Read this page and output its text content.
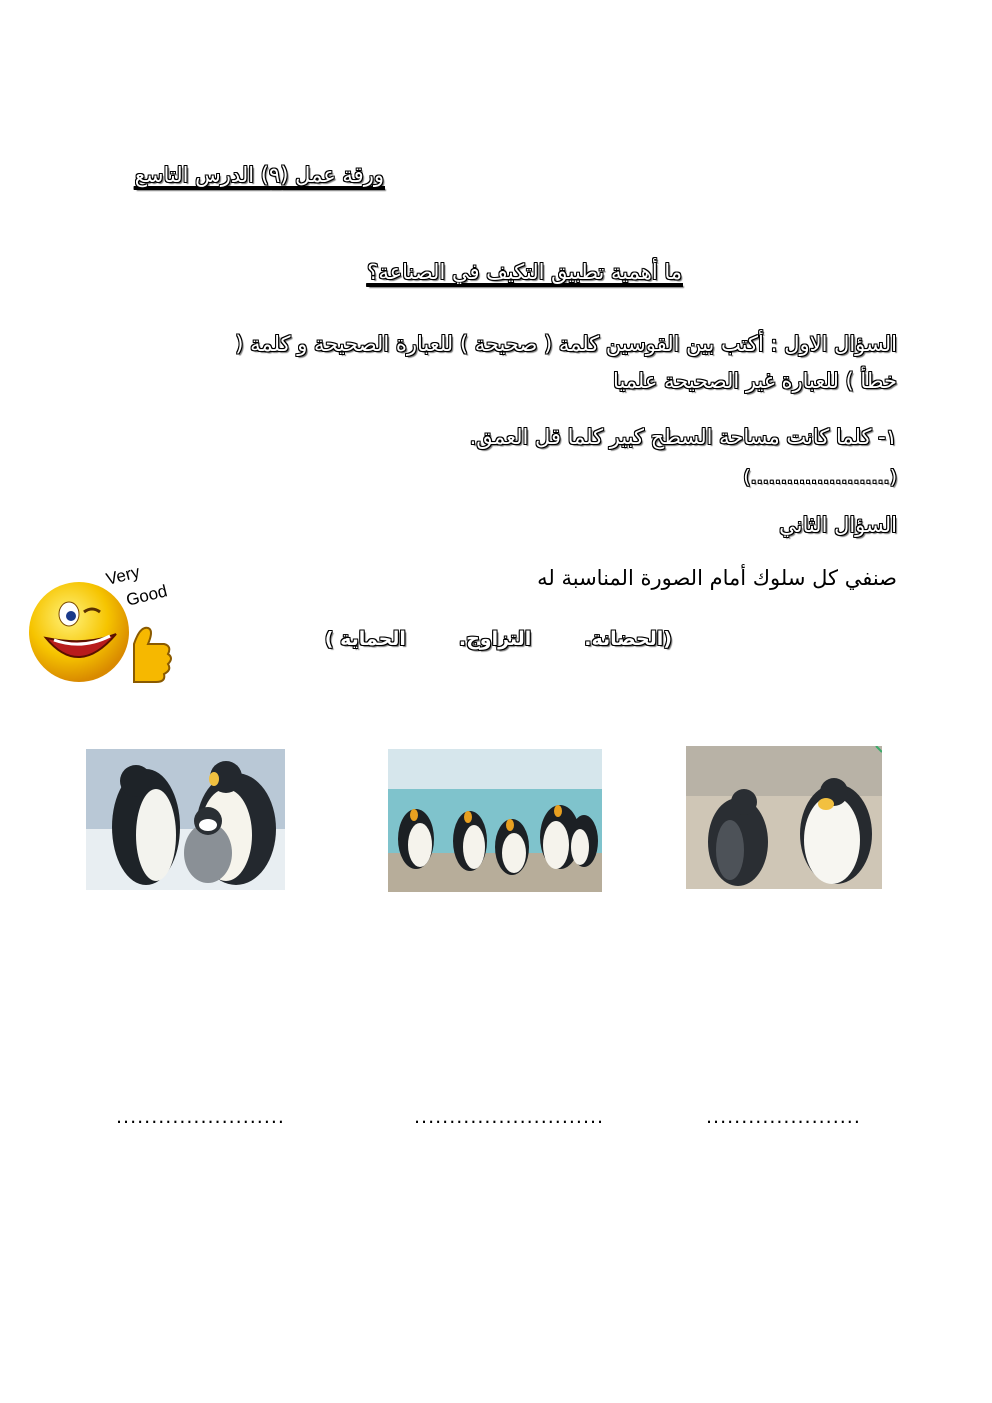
ورقة عمل (٩) الدرس التاسع
ما أهمية تطبيق التكيف في الصناعة؟
السؤال الاول : أكتب بين القوسين كلمة ( صحيحة ) للعبارة الصحيحة و كلمة (
خطأ ) للعبارة غير الصحيحة علميا
١- كلما كانت مساحة السطح كبير كلما قل العمق.
(.......................)
السؤال الثاني
صنفي كل سلوك أمام الصورة المناسبة له
(الحضانة.        التزاوج.        الحماية )
Very
Good
........................	...........................	......................
